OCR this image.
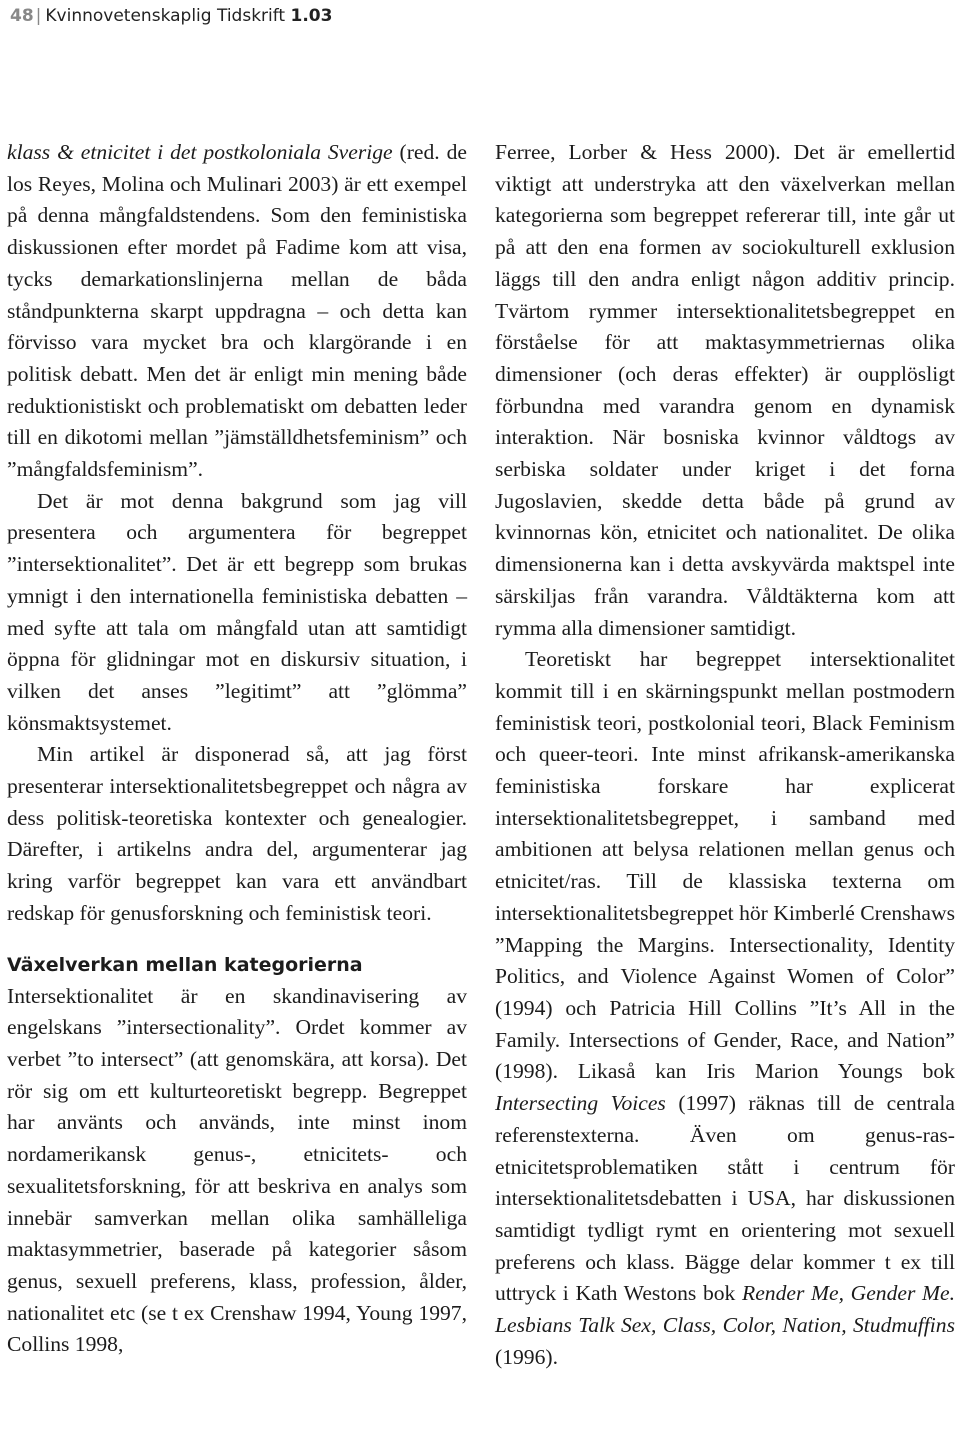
48 | Kvinnovetenskaplig Tidskrift 1.03

klass & etnicitet i det postkoloniala Sverige (red. de los Reyes, Molina och Mulinari 2003) är ett exempel på denna mångfaldstendens. Som den feministiska diskussionen efter mordet på Fadime kom att visa, tycks demarkationslinjerna mellan de båda ståndpunkterna skarpt uppdragna – och detta kan förvisso vara mycket bra och klargörande i en politisk debatt. Men det är enligt min mening både reduktionistiskt och problematiskt om debatten leder till en dikotomi mellan ”jämställdhetsfeminism” och ”mångfaldsfeminism”.

Det är mot denna bakgrund som jag vill presentera och argumentera för begreppet ”intersektionalitet”. Det är ett begrepp som brukas ymnigt i den internationella feministiska debatten – med syfte att tala om mångfald utan att samtidigt öppna för glidningar mot en diskursiv situation, i vilken det anses ”legitimt” att ”glömma” könsmaktsystemet.

Min artikel är disponerad så, att jag först presenterar intersektionalitetsbegreppet och några av dess politisk-teoretiska kontexter och genealogier. Därefter, i artikelns andra del, argumenterar jag kring varför begreppet kan vara ett användbart redskap för genusforskning och feministisk teori.

Växelverkan mellan kategorierna

Intersektionalitet är en skandinavisering av engelskans ”intersectionality”. Ordet kommer av verbet ”to intersect” (att genomskära, att korsa). Det rör sig om ett kulturteoretiskt begrepp. Begreppet har använts och används, inte minst inom nordamerikansk genus-, etnicitets- och sexualitetsforskning, för att beskriva en analys som innebär samverkan mellan olika samhälleliga maktasymmetrier, baserade på kategorier såsom genus, sexuell preferens, klass, profession, ålder, nationalitet etc (se t ex Crenshaw 1994, Young 1997, Collins 1998,

Ferree, Lorber & Hess 2000). Det är emellertid viktigt att understryka att den växelverkan mellan kategorierna som begreppet refererar till, inte går ut på att den ena formen av sociokulturell exklusion läggs till den andra enligt någon additiv princip. Tvärtom rymmer intersektionalitetsbegreppet en förståelse för att maktasymmetriernas olika dimensioner (och deras effekter) är oupplösligt förbundna med varandra genom en dynamisk interaktion. När bosniska kvinnor våldtogs av serbiska soldater under kriget i det forna Jugoslavien, skedde detta både på grund av kvinnornas kön, etnicitet och nationalitet. De olika dimensionerna kan i detta avskyvärda maktspel inte särskiljas från varandra. Våldtäkterna kom att rymma alla dimensioner samtidigt.

Teoretiskt har begreppet intersektionalitet kommit till i en skärningspunkt mellan postmodern feministisk teori, postkolonial teori, Black Feminism och queer-teori. Inte minst afrikansk-amerikanska feministiska forskare har explicerat intersektionalitetsbegreppet, i samband med ambitionen att belysa relationen mellan genus och etnicitet/ras. Till de klassiska texterna om intersektionalitetsbegreppet hör Kimberlé Crenshaws ”Mapping the Margins. Intersectionality, Identity Politics, and Violence Against Women of Color” (1994) och Patricia Hill Collins ”It’s All in the Family. Intersections of Gender, Race, and Nation” (1998). Likaså kan Iris Marion Youngs bok Intersecting Voices (1997) räknas till de centrala referenstexterna. Även om genus-ras-etnicitetsproblematiken stått i centrum för intersektionalitetsdebatten i USA, har diskussionen samtidigt tydligt rymt en orientering mot sexuell preferens och klass. Bägge delar kommer t ex till uttryck i Kath Westons bok Render Me, Gender Me. Lesbians Talk Sex, Class, Color, Nation, Studmuffins (1996).
